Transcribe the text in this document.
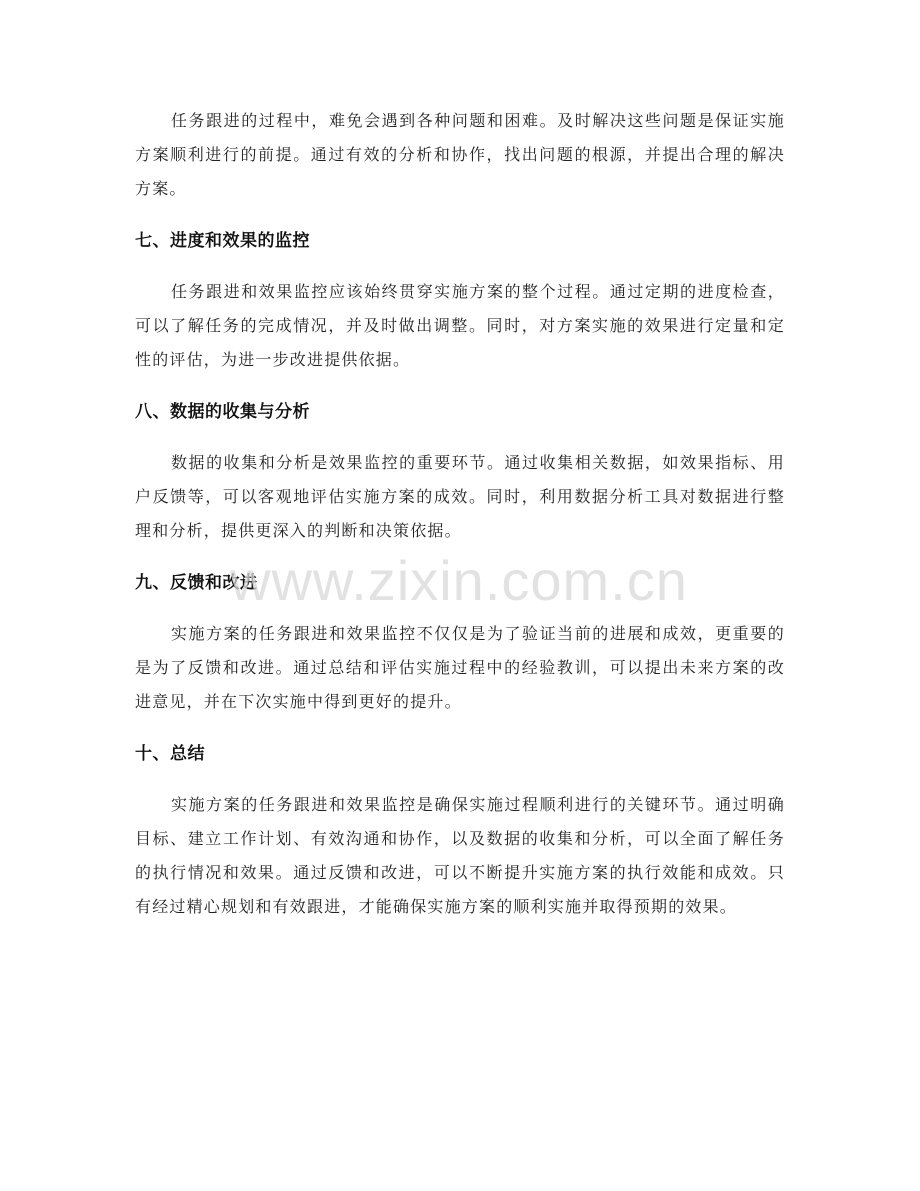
任务跟进的过程中，难免会遇到各种问题和困难。及时解决这些问题是保证实施方案顺利进行的前提。通过有效的分析和协作，找出问题的根源，并提出合理的解决方案。

七、进度和效果的监控

任务跟进和效果监控应该始终贯穿实施方案的整个过程。通过定期的进度检查，可以了解任务的完成情况，并及时做出调整。同时，对方案实施的效果进行定量和定性的评估，为进一步改进提供依据。

八、数据的收集与分析

数据的收集和分析是效果监控的重要环节。通过收集相关数据，如效果指标、用户反馈等，可以客观地评估实施方案的成效。同时，利用数据分析工具对数据进行整理和分析，提供更深入的判断和决策依据。

九、反馈和改进

实施方案的任务跟进和效果监控不仅仅是为了验证当前的进展和成效，更重要的是为了反馈和改进。通过总结和评估实施过程中的经验教训，可以提出未来方案的改进意见，并在下次实施中得到更好的提升。

十、总结

实施方案的任务跟进和效果监控是确保实施过程顺利进行的关键环节。通过明确目标、建立工作计划、有效沟通和协作，以及数据的收集和分析，可以全面了解任务的执行情况和效果。通过反馈和改进，可以不断提升实施方案的执行效能和成效。只有经过精心规划和有效跟进，才能确保实施方案的顺利实施并取得预期的效果。

www.zixin.com.cn
